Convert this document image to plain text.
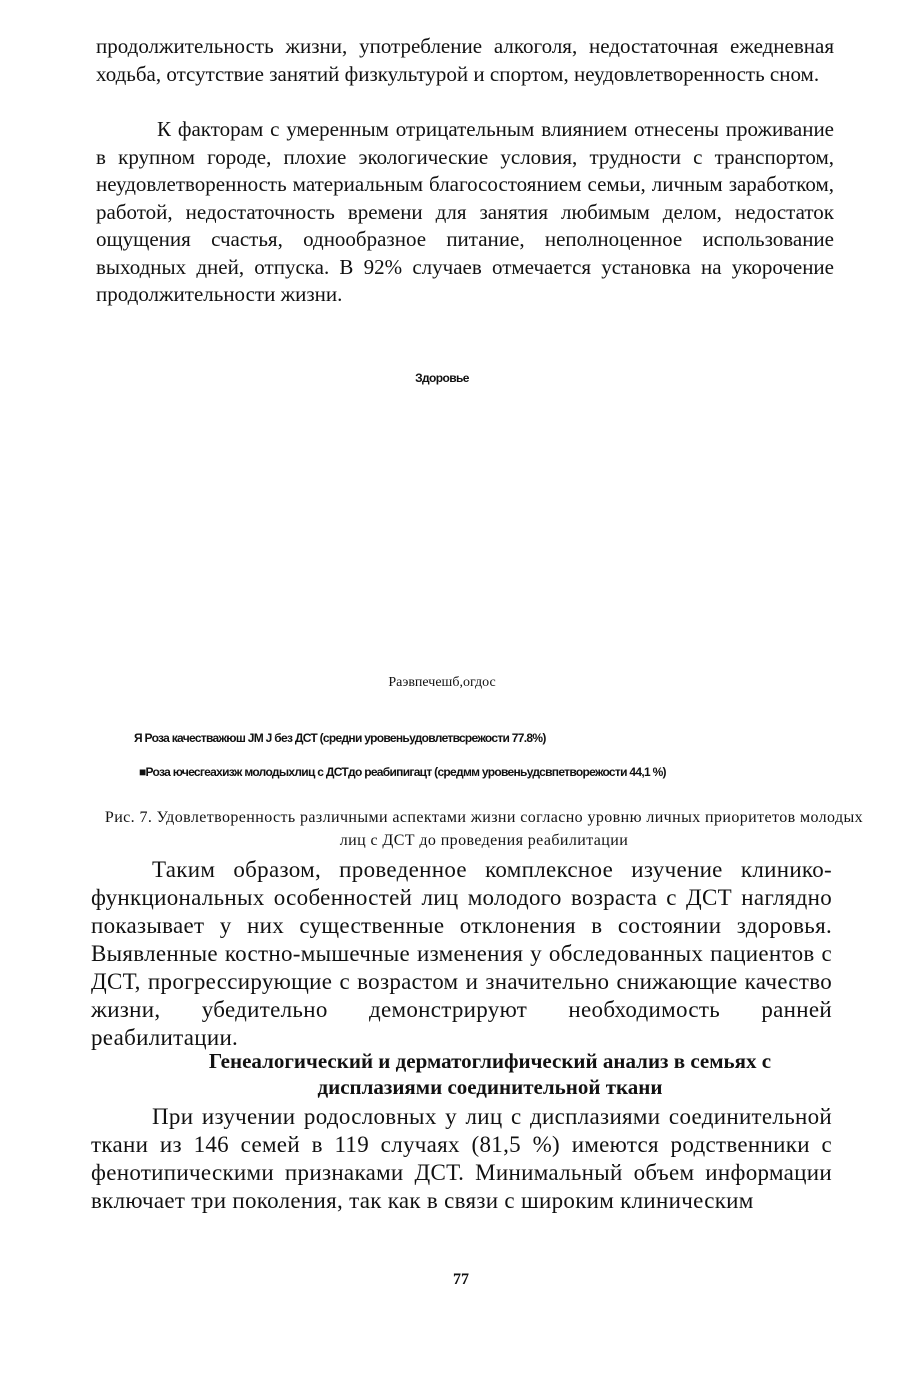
продолжительность жизни, употребление алкоголя, недостаточная ежедневная ходьба, отсутствие занятий физкультурой и спортом, неудовлетворенность сном.
К факторам с умеренным отрицательным влиянием отнесены проживание в крупном городе, плохие экологические условия, трудности с транспортом, неудовлетворенность материальным благосостоянием семьи, личным заработком, работой, недостаточность времени для занятия любимым делом, недостаток ощущения счастья, однообразное питание, неполноценное использование выходных дней, отпуска. В 92% случаев отмечается установка на укорочение продолжительности жизни.
Здоровье
Раэвпечешб,огдос
Я Роза качестважюш JM J без ДСТ (средни уровеньудовлетвсрежости 77.8%)
■Роза ючесгеахизж молодыхлиц с ДСТдо реабипигацт (средмм уровеньудсвпетворежости 44,1 %)
Рис. 7. Удовлетворенность различными аспектами жизни согласно уровню личных приоритетов молодых лиц с ДСТ до проведения реабилитации
Таким образом, проведенное комплексное изучение клинико-функциональных особенностей лиц молодого возраста с ДСТ наглядно показывает у них существенные отклонения в состоянии здоровья. Выявленные костно-мышечные изменения у обследованных пациентов с ДСТ, прогрессирующие с возрастом и значительно снижающие качество жизни, убедительно демонстрируют необходимость ранней реабилитации.
Генеалогический и дерматоглифический анализ в семьях с дисплазиями соединительной ткани
При изучении родословных у лиц с дисплазиями соединительной ткани из 146 семей в 119 случаях (81,5 %) имеются родственники с фенотипическими признаками ДСТ. Минимальный объем информации включает три поколения, так как в связи с широким клиническим
77
